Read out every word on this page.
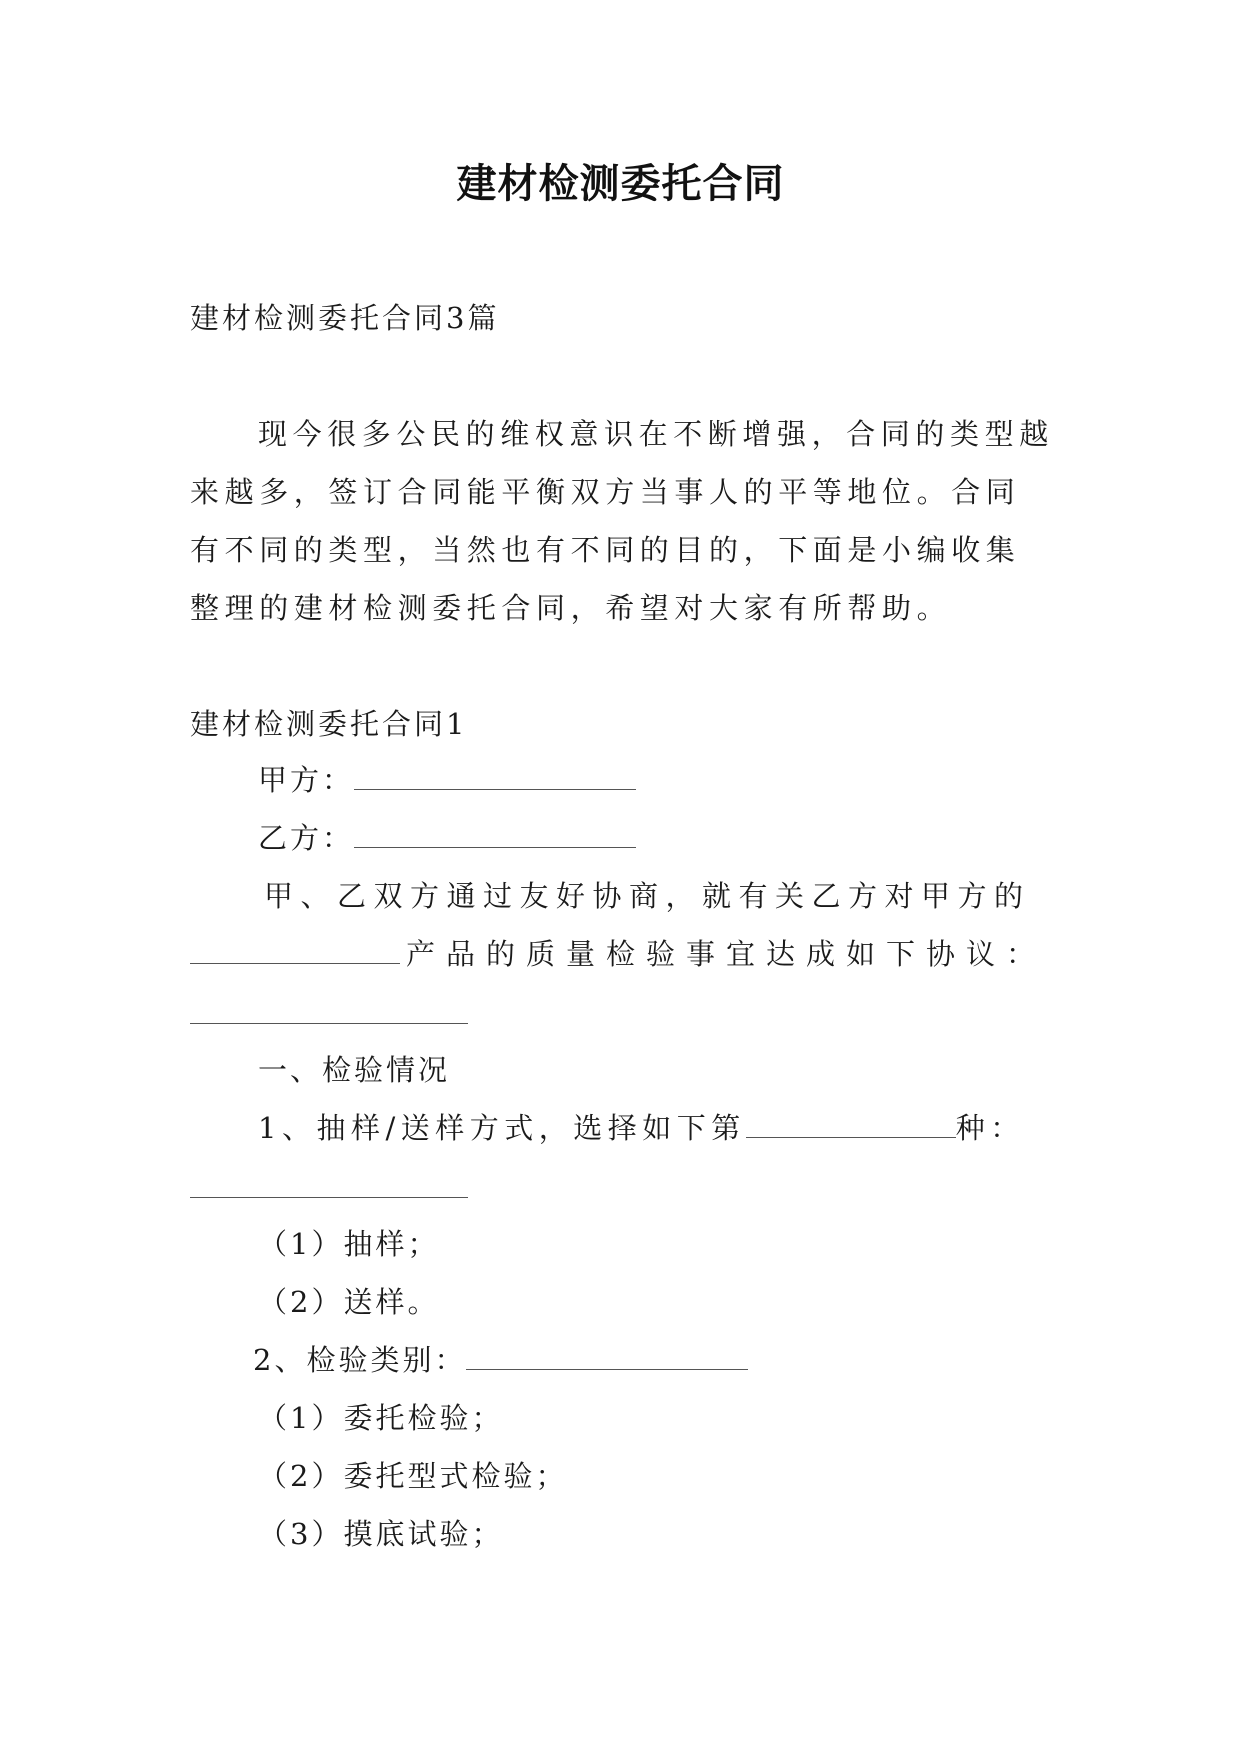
建材检测委托合同
建材检测委托合同3篇
现今很多公民的维权意识在不断增强，合同的类型越来越多，签订合同能平衡双方当事人的平等地位。合同有不同的类型，当然也有不同的目的，下面是小编收集整理的建材检测委托合同，希望对大家有所帮助。
建材检测委托合同1
甲方：
乙方：
甲、乙双方通过友好协商，就有关乙方对甲方的
产品的质量检验事宜达成如下协议：
一、检验情况
1、抽样/送样方式，选择如下第	种：
（1）抽样；
（2）送样。
2、检验类别：
（1）委托检验；
（2）委托型式检验；
（3）摸底试验；
